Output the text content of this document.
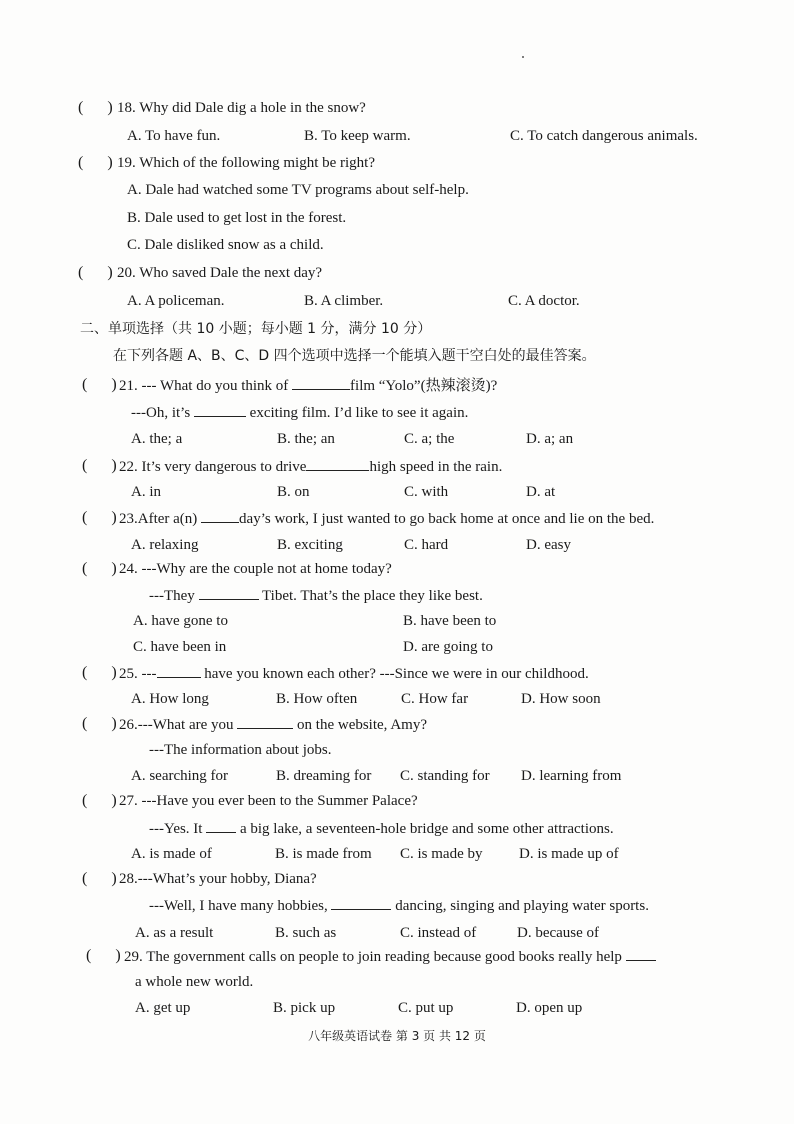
(      ) 18. Why did Dale dig a hole in the snow?
A. To have fun.	B. To keep warm.	C. To catch dangerous animals.
(      ) 19. Which of the following might be right?
A. Dale had watched some TV programs about self-help.
B. Dale used to get lost in the forest.
C. Dale disliked snow as a child.
(      ) 20. Who saved Dale the next day?
A. A policeman.	B. A climber.	C. A doctor.
二、单项选择（共 10 小题；每小题 1 分，满分 10 分）
在下列各题 A、B、C、D 四个选项中选择一个能填入题干空白处的最佳答案。
(      ) 21. --- What do you think of	film “Yolo”(热辣滚烫)?
---Oh, it’s	exciting film. I’d like to see it again.
A. the; a	B. the; an	C. a; the	D. a; an
(      ) 22. It’s very dangerous to drive	high speed in the rain.
A. in	B. on	C. with	D. at
(      ) 23.After a(n)	day’s work, I just wanted to go back home at once and lie on the bed.
A. relaxing	B. exciting	C. hard	D. easy
(      ) 24. ---Why are the couple not at home today?
---They	Tibet. That’s the place they like best.
A. have gone to	B. have been to
C. have been in	D. are going to
(      ) 25. ---	have you known each other? ---Since we were in our childhood.
A. How long	B. How often	C. How far	D. How soon
(      ) 26.---What are you	on the website, Amy?
---The information about jobs.
A. searching for	B. dreaming for C. standing for D. learning from
(      ) 27. ---Have you ever been to the Summer Palace?
---Yes. It  a big lake, a seventeen-hole bridge and some other attractions.
A. is made of	B. is made from C. is made by D. is made up of
(      ) 28.---What’s your hobby, Diana?
---Well, I have many hobbies,	dancing, singing and playing water sports.
A. as a result	B. such as	C. instead of	D. because of
(      ) 29. The government calls on people to join reading because good books really help
a whole new world.
A. get up	B. pick up	C. put up	D. open up
八年级英语试卷 第 3 页 共 12 页
